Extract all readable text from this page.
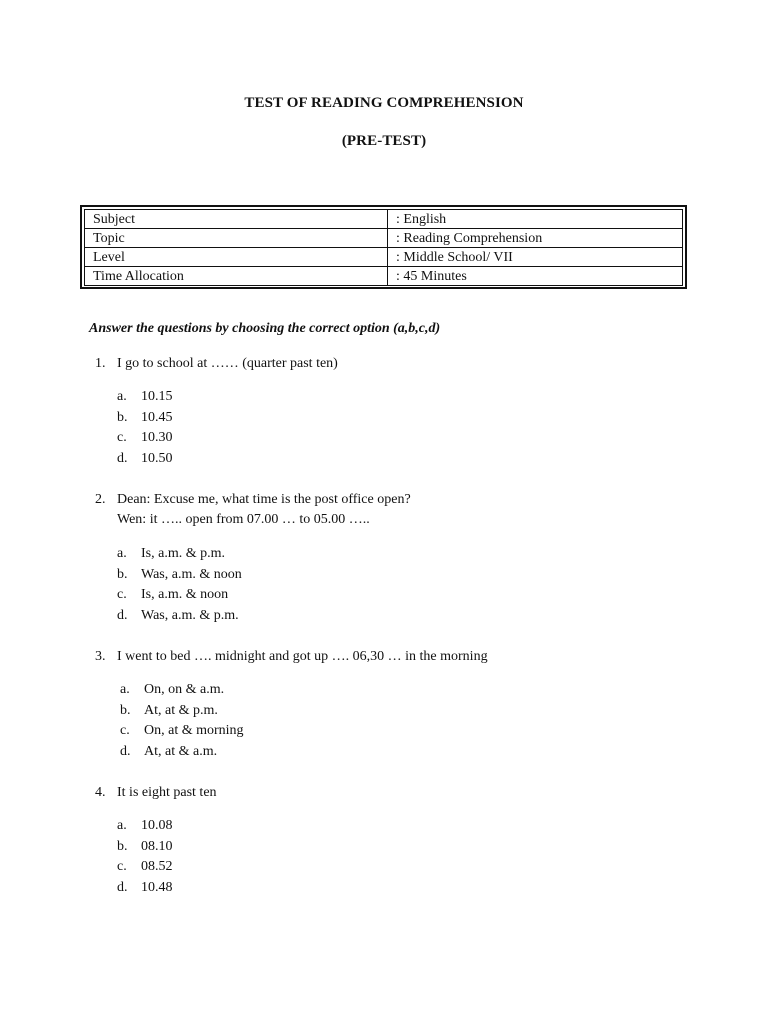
TEST OF READING COMPREHENSION
(PRE-TEST)
Subject	: English
Topic	: Reading Comprehension
Level	: Middle School/ VII
Time Allocation	: 45 Minutes
Answer the questions by choosing the correct option (a,b,c,d)
1. I go to school at …… (quarter past ten)
a. 10.15
b. 10.45
c. 10.30
d. 10.50
2. Dean: Excuse me, what time is the post office open?
Wen: it ….. open from 07.00 … to 05.00 …..
a. Is, a.m. & p.m.
b. Was, a.m. & noon
c. Is, a.m. & noon
d. Was, a.m. & p.m.
3. I went to bed …. midnight and got up …. 06,30 … in the morning
a. On, on & a.m.
b. At, at & p.m.
c. On, at & morning
d. At, at & a.m.
4. It is eight past ten
a. 10.08
b. 08.10
c. 08.52
d. 10.48
